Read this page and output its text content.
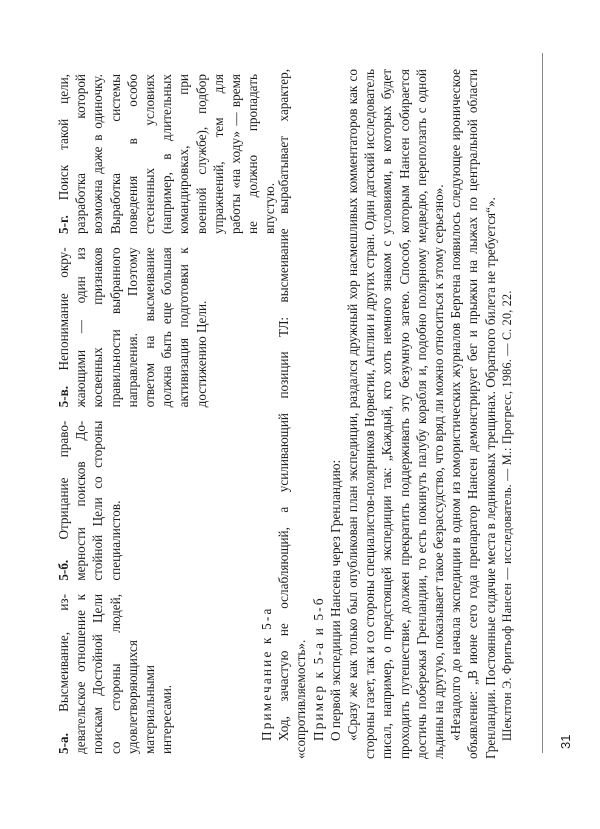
5-а. Высмеивание, издевательское отношение к поискам Достойной Цели со стороны людей, удовлетворяющихся материальными интересами.
5-б. Отрицание правомерности поисков Достойной Цели со стороны специалистов.
5-в. Непонимание окружающими — один из косвенных признаков правильности выбранного направления. Поэтому ответом на высмеивание должна быть еще большая активизация подготовки к достижению Цели.
5-г. Поиск такой цели, разработка которой возможна даже в одиночку. Выработка системы поведения в особо стесненных условиях (например, в длительных командировках, при военной службе), подбор упражнений, тем для работы «на ходу» — время не должно пропадать впустую.

Примечание к 5-а Ход, зачастую не ослабляющий, а усиливающий позиции ТЛ: высмеивание вырабатывает характер, «сопротивляемость». Пример к 5-а и 5-б О первой экспедиции Нансена через Гренландию: «Сразу же как только был опубликован план экспедиции, раздался дружный хор насмешливых комментаторов как со стороны газет, так и со стороны специалистов-полярников Норвегии, Англии и других стран. Один датский исследователь писал, например, о предстоящей экспедиции так: „Каждый, кто хоть немного знаком с условиями, в которых будет проходить путешествие, должен прекратить поддерживать эту безумную затею. Способ, которым Нансен собирается достичь побережья Гренландии, то есть покинуть палубу корабля и, подобно полярному медведю, переползать с одной льдины на другую, показывает такое безрассудство, что вряд ли можно относиться к этому серьезно». «Незадолго до начала экспедиции в одном из юмористических журналов Бергена появилось следующее ироническое объявление: „В июне сего года препаратор Нансен демонстрирует бег и прыжки на лыжах по центральной области Гренландии. Постоянные сидячие места в ледниковых трещинах. Обратного билета не требуется“». Шеклтон Э. Фритьоф Нансен — исследователь. — М.: Прогресс, 1986. — С. 20, 22.

31
